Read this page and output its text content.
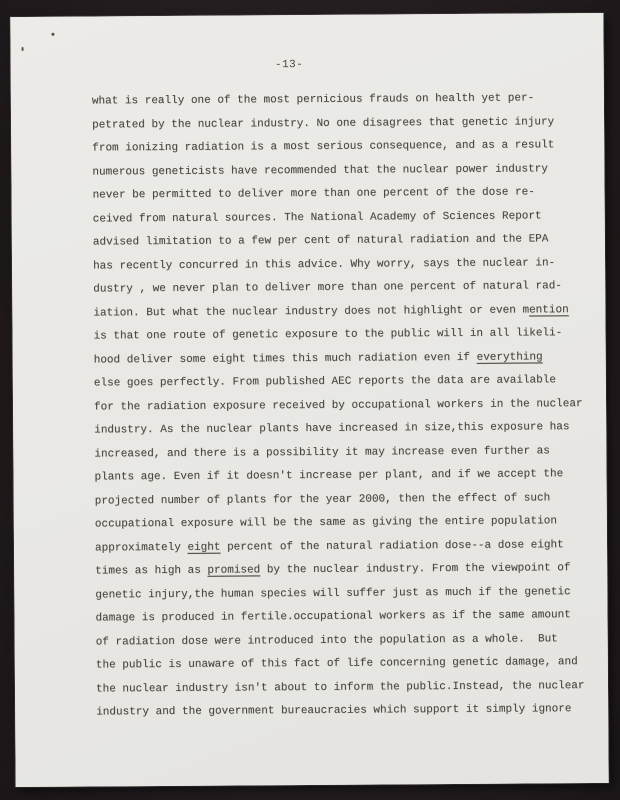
-13-
what is really one of the most pernicious frauds on health yet per-
petrated by the nuclear industry. No one disagrees that genetic injury
from ionizing radiation is a most serious consequence, and as a result
numerous geneticists have recommended that the nuclear power industry
never be permitted to deliver more than one percent of the dose re-
ceived from natural sources. The National Academy of Sciences Report
advised limitation to a few per cent of natural radiation and the EPA
has recently concurred in this advice. Why worry, says the nuclear in-
dustry , we never plan to deliver more than one percent of natural rad-
iation. But what the nuclear industry does not highlight or even mention
is that one route of genetic exposure to the public will in all likeli-
hood deliver some eight times this much radiation even if everything
else goes perfectly. From published AEC reports the data are available
for the radiation exposure received by occupational workers in the nuclear
industry. As the nuclear plants have increased in size,this exposure has
increased, and there is a possibility it may increase even further as
plants age. Even if it doesn't increase per plant, and if we accept the
projected number of plants for the year 2000, then the effect of such
occupational exposure will be the same as giving the entire population
approximately eight percent of the natural radiation dose--a dose eight
times as high as promised by the nuclear industry. From the viewpoint of
genetic injury,the human species will suffer just as much if the genetic
damage is produced in fertile.occupational workers as if the same amount
of radiation dose were introduced into the population as a whole.  But
the public is unaware of this fact of life concerning genetic damage, and
the nuclear industry isn't about to inform the public.Instead, the nuclear
industry and the government bureaucracies which support it simply ignore
